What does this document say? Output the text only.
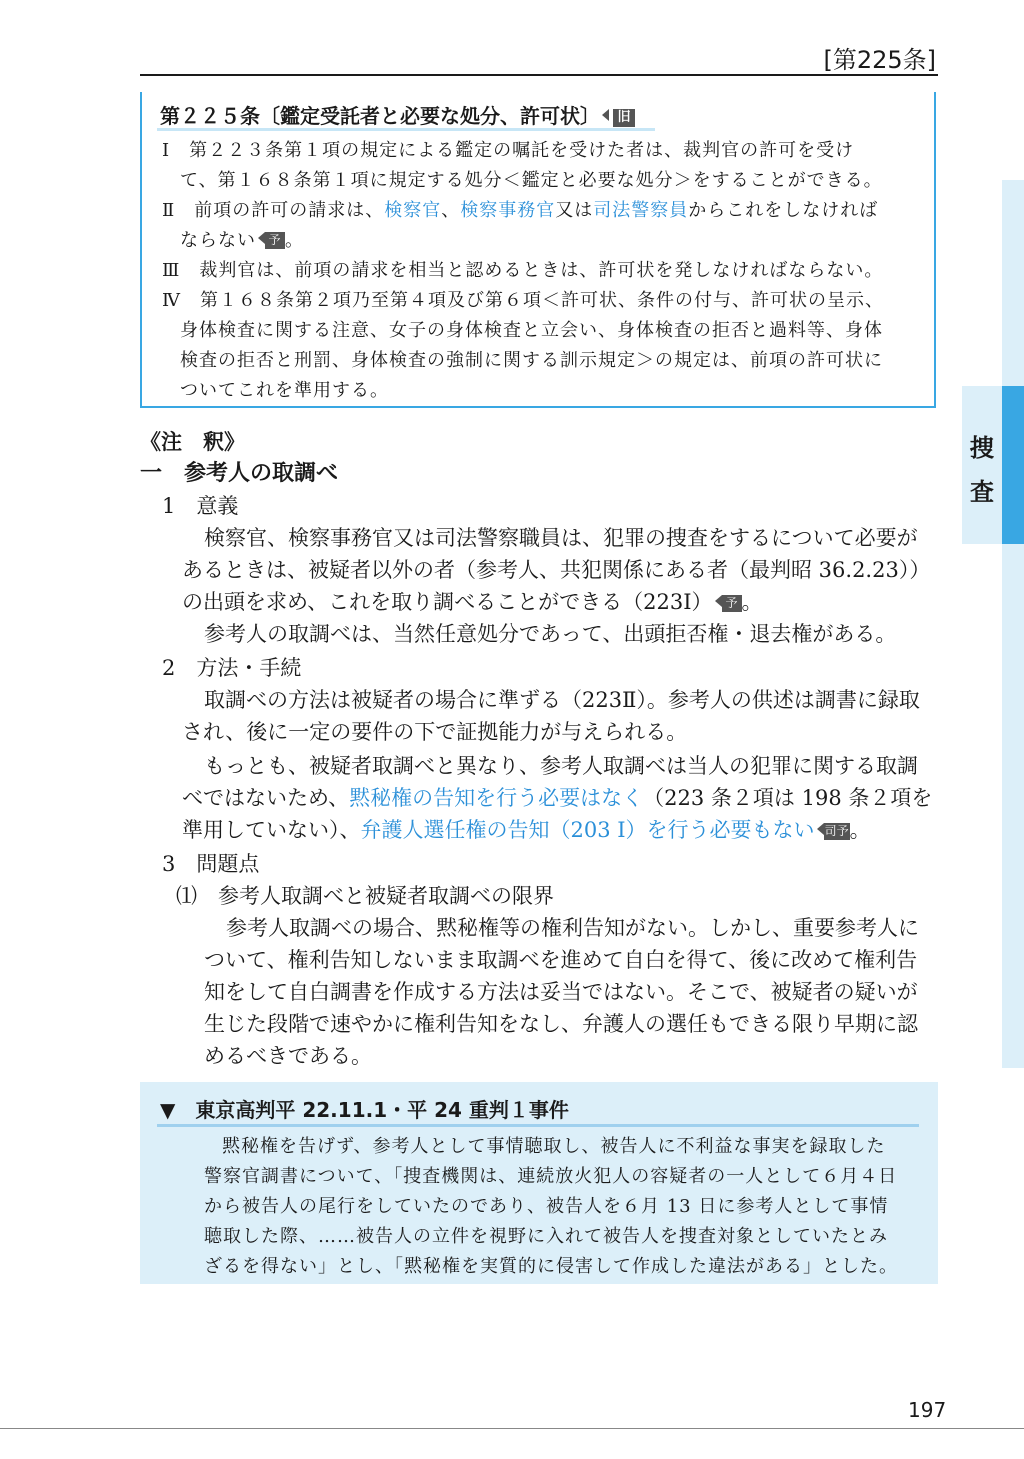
[第225条]
捜
査
第２２５条〔鑑定受託者と必要な処分、許可状〕 旧
Ⅰ　第２２３条第１項の規定による鑑定の嘱託を受けた者は、裁判官の許可を受け
て、第１６８条第１項に規定する処分＜鑑定と必要な処分＞をすることができる。
Ⅱ　前項の許可の請求は、検察官、検察事務官又は司法警察員からこれをしなければ
ならない 予 。
Ⅲ　裁判官は、前項の請求を相当と認めるときは、許可状を発しなければならない。
Ⅳ　第１６８条第２項乃至第４項及び第６項＜許可状、条件の付与、許可状の呈示、
身体検査に関する注意、女子の身体検査と立会い、身体検査の拒否と過料等、身体
検査の拒否と刑罰、身体検査の強制に関する訓示規定＞の規定は、前項の許可状に
ついてこれを準用する。
《注　釈》
一　参考人の取調べ
1　意義
検察官、検察事務官又は司法警察職員は、犯罪の捜査をするについて必要が
あるときは、被疑者以外の者（参考人、共犯関係にある者（最判昭 36.2.23））
の出頭を求め、これを取り調べることができる（223Ⅰ） 予 。
参考人の取調べは、当然任意処分であって、出頭拒否権・退去権がある。
2　方法・手続
取調べの方法は被疑者の場合に準ずる（223Ⅱ）。参考人の供述は調書に録取
され、後に一定の要件の下で証拠能力が与えられる。
もっとも、被疑者取調べと異なり、参考人取調べは当人の犯罪に関する取調
べではないため、黙秘権の告知を行う必要はなく（223 条２項は 198 条２項を
準用していない）、弁護人選任権の告知（203 Ⅰ）を行う必要もない 司予。
3　問題点
⑴　参考人取調べと被疑者取調べの限界
参考人取調べの場合、黙秘権等の権利告知がない。しかし、重要参考人に
ついて、権利告知しないまま取調べを進めて自白を得て、後に改めて権利告
知をして自白調書を作成する方法は妥当ではない。そこで、被疑者の疑いが
生じた段階で速やかに権利告知をなし、弁護人の選任もできる限り早期に認
めるべきである。
▼　東京高判平 22.11.1・平 24 重判１事件
黙秘権を告げず、参考人として事情聴取し、被告人に不利益な事実を録取した
警察官調書について、「捜査機関は、連続放火犯人の容疑者の一人として６月４日
から被告人の尾行をしていたのであり、被告人を６月 13 日に参考人として事情
聴取した際、……被告人の立件を視野に入れて被告人を捜査対象としていたとみ
ざるを得ない」とし、「黙秘権を実質的に侵害して作成した違法がある」とした。
197
